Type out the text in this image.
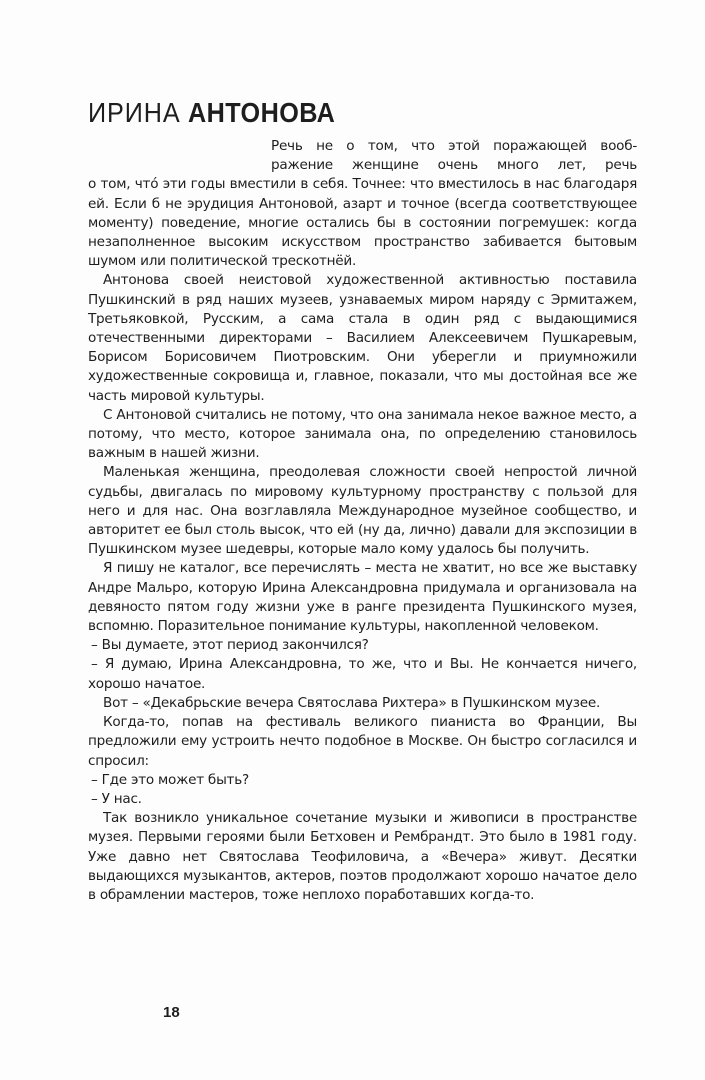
ИРИНА АНТОНОВА

Речь не о том, что этой поражающей вооб-
ражение женщине очень много лет, речь
о том, что́ эти годы вместили в себя. Точнее: что вместилось в нас благодаря ей. Если б не эрудиция Антоновой, азарт и точное (всегда соответствующее моменту) поведение, многие остались бы в состоянии погремушек: когда незаполненное высоким искусством пространство забивается бытовым шумом или политической трескотнёй.

Антонова своей неистовой художественной активностью поставила Пушкинский в ряд наших музеев, узнаваемых миром наряду с Эрмитажем, Третьяковкой, Русским, а сама стала в один ряд с выдающимися отечественными директорами – Василием Алексеевичем Пушкаревым, Борисом Борисовичем Пиотровским. Они уберегли и приумножили художественные сокровища и, главное, показали, что мы достойная все же часть мировой культуры.

С Антоновой считались не потому, что она занимала некое важное место, а потому, что место, которое занимала она, по определению становилось важным в нашей жизни.

Маленькая женщина, преодолевая сложности своей непростой личной судьбы, двигалась по мировому культурному пространству с пользой для него и для нас. Она возглавляла Международное музейное сообщество, и авторитет ее был столь высок, что ей (ну да, лично) давали для экспозиции в Пушкинском музее шедевры, которые мало кому удалось бы получить.

Я пишу не каталог, все перечислять – места не хватит, но все же выставку Андре Мальро, которую Ирина Александровна придумала и организовала на девяносто пятом году жизни уже в ранге президента Пушкинского музея, вспомню. Поразительное понимание культуры, накопленной человеком.

– Вы думаете, этот период закончился?

– Я думаю, Ирина Александровна, то же, что и Вы. Не кончается ничего, хорошо начатое.

Вот – «Декабрьские вечера Святослава Рихтера» в Пушкинском музее.

Когда-то, попав на фестиваль великого пианиста во Франции, Вы предложили ему устроить нечто подобное в Москве. Он быстро согласился и спросил:

– Где это может быть?

– У нас.

Так возникло уникальное сочетание музыки и живописи в пространстве музея. Первыми героями были Бетховен и Рембрандт. Это было в 1981 году. Уже давно нет Святослава Теофиловича, а «Вечера» живут. Десятки выдающихся музыкантов, актеров, поэтов продолжают хорошо начатое дело в обрамлении мастеров, тоже неплохо поработавших когда-то.

18
